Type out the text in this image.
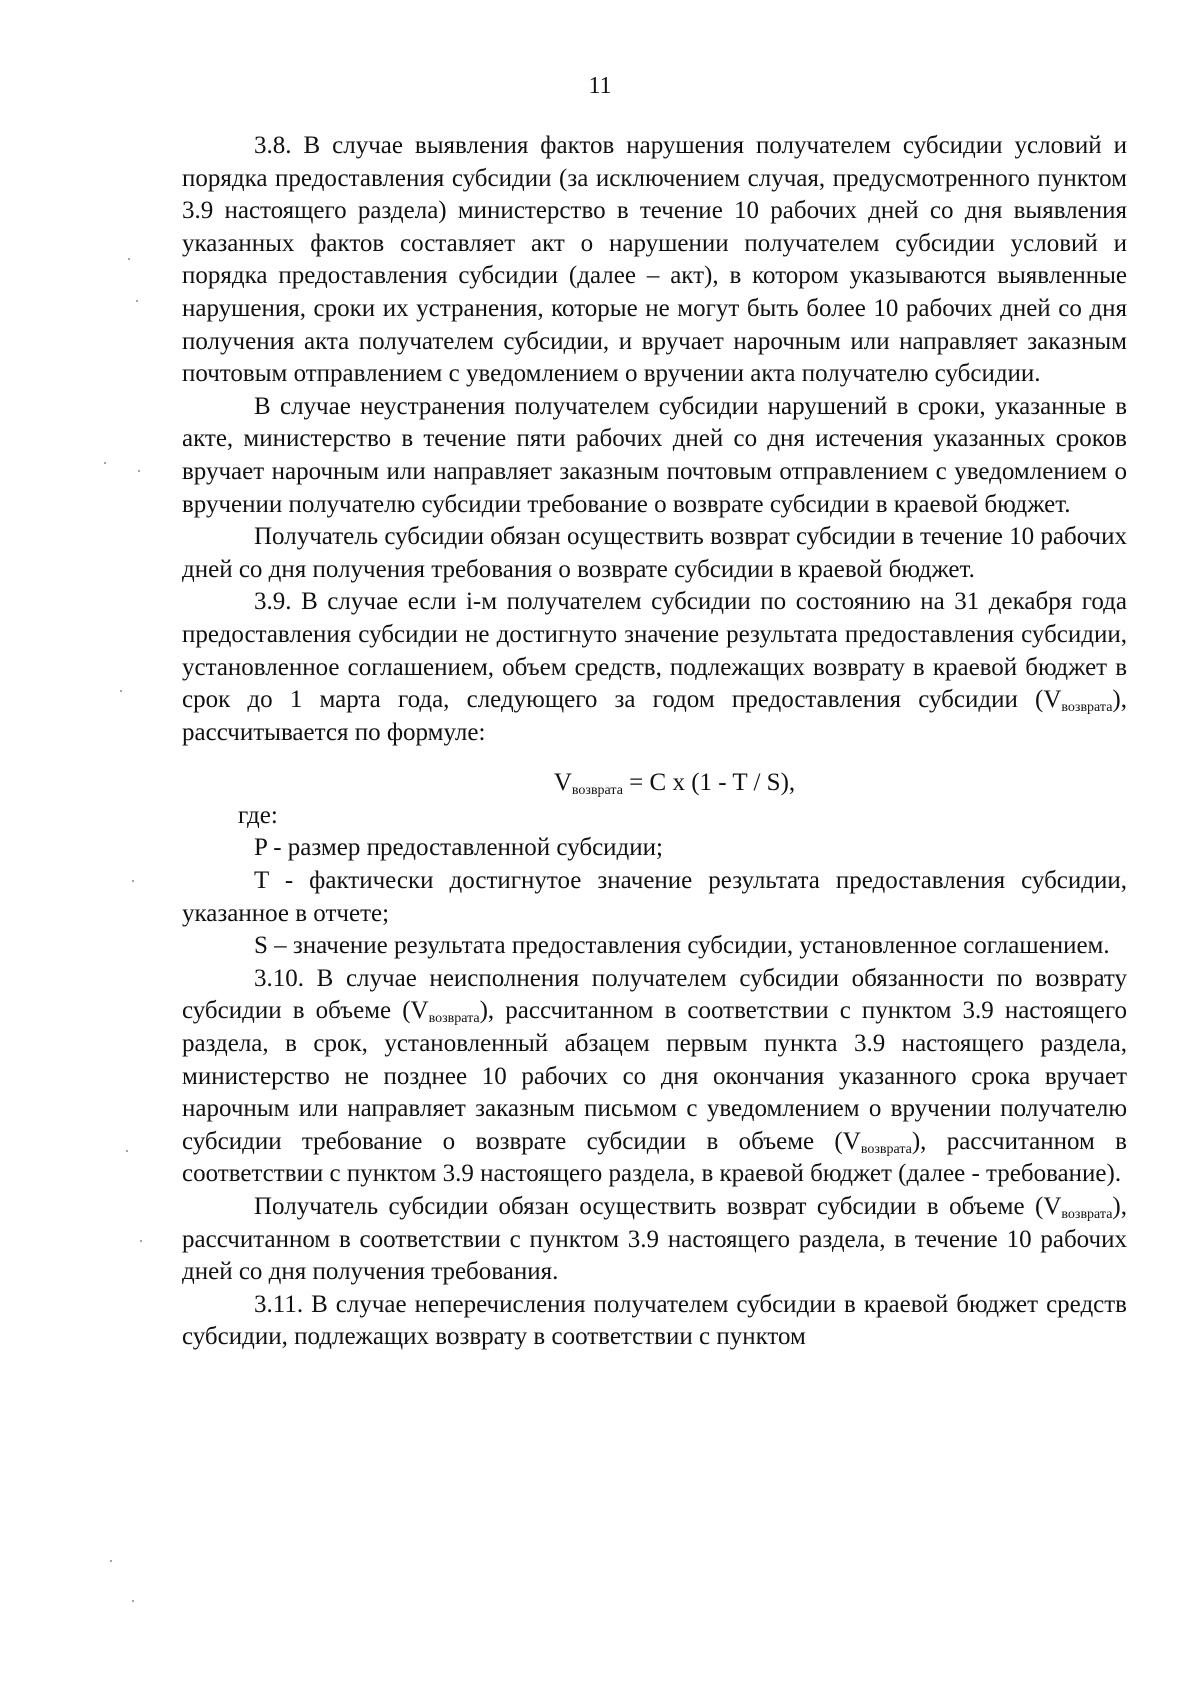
11

3.8. В случае выявления фактов нарушения получателем субсидии условий и порядка предоставления субсидии (за исключением случая, предусмотренного пунктом 3.9 настоящего раздела) министерство в течение 10 рабочих дней со дня выявления указанных фактов составляет акт о нарушении получателем субсидии условий и порядка предоставления субсидии (далее – акт), в котором указываются выявленные нарушения, сроки их устранения, которые не могут быть более 10 рабочих дней со дня получения акта получателем субсидии, и вручает нарочным или направляет заказным почтовым отправлением с уведомлением о вручении акта получателю субсидии.

В случае неустранения получателем субсидии нарушений в сроки, указанные в акте, министерство в течение пяти рабочих дней со дня истечения указанных сроков вручает нарочным или направляет заказным почтовым отправлением с уведомлением о вручении получателю субсидии требование о возврате субсидии в краевой бюджет.

Получатель субсидии обязан осуществить возврат субсидии в течение 10 рабочих дней со дня получения требования о возврате субсидии в краевой бюджет.

3.9. В случае если i-м получателем субсидии по состоянию на 31 декабря года предоставления субсидии не достигнуто значение результата предоставления субсидии, установленное соглашением, объем средств, подлежащих возврату в краевой бюджет в срок до 1 марта года, следующего за годом предоставления субсидии $(V_{возврата})$, рассчитывается по формуле:

$V_{возврата} = C$ x (1 - T / S),

где:

P - размер предоставленной субсидии;

T - фактически достигнутое значение результата предоставления субсидии, указанное в отчете;

S – значение результата предоставления субсидии, установленное соглашением.

3.10. В случае неисполнения получателем субсидии обязанности по возврату субсидии в объеме $(V_{возврата})$, рассчитанном в соответствии с пунктом 3.9 настоящего раздела, в срок, установленный абзацем первым пункта 3.9 настоящего раздела, министерство не позднее 10 рабочих со дня окончания указанного срока вручает нарочным или направляет заказным письмом с уведомлением о вручении получателю субсидии требование о возврате субсидии в объеме $(V_{возврата})$, рассчитанном в соответствии с пунктом 3.9 настоящего раздела, в краевой бюджет (далее - требование).

Получатель субсидии обязан осуществить возврат субсидии в объеме $(V_{возврата})$, рассчитанном в соответствии с пунктом 3.9 настоящего раздела, в течение 10 рабочих дней со дня получения требования.

3.11. В случае неперечисления получателем субсидии в краевой бюджет средств субсидии, подлежащих возврату в соответствии с пунктом
